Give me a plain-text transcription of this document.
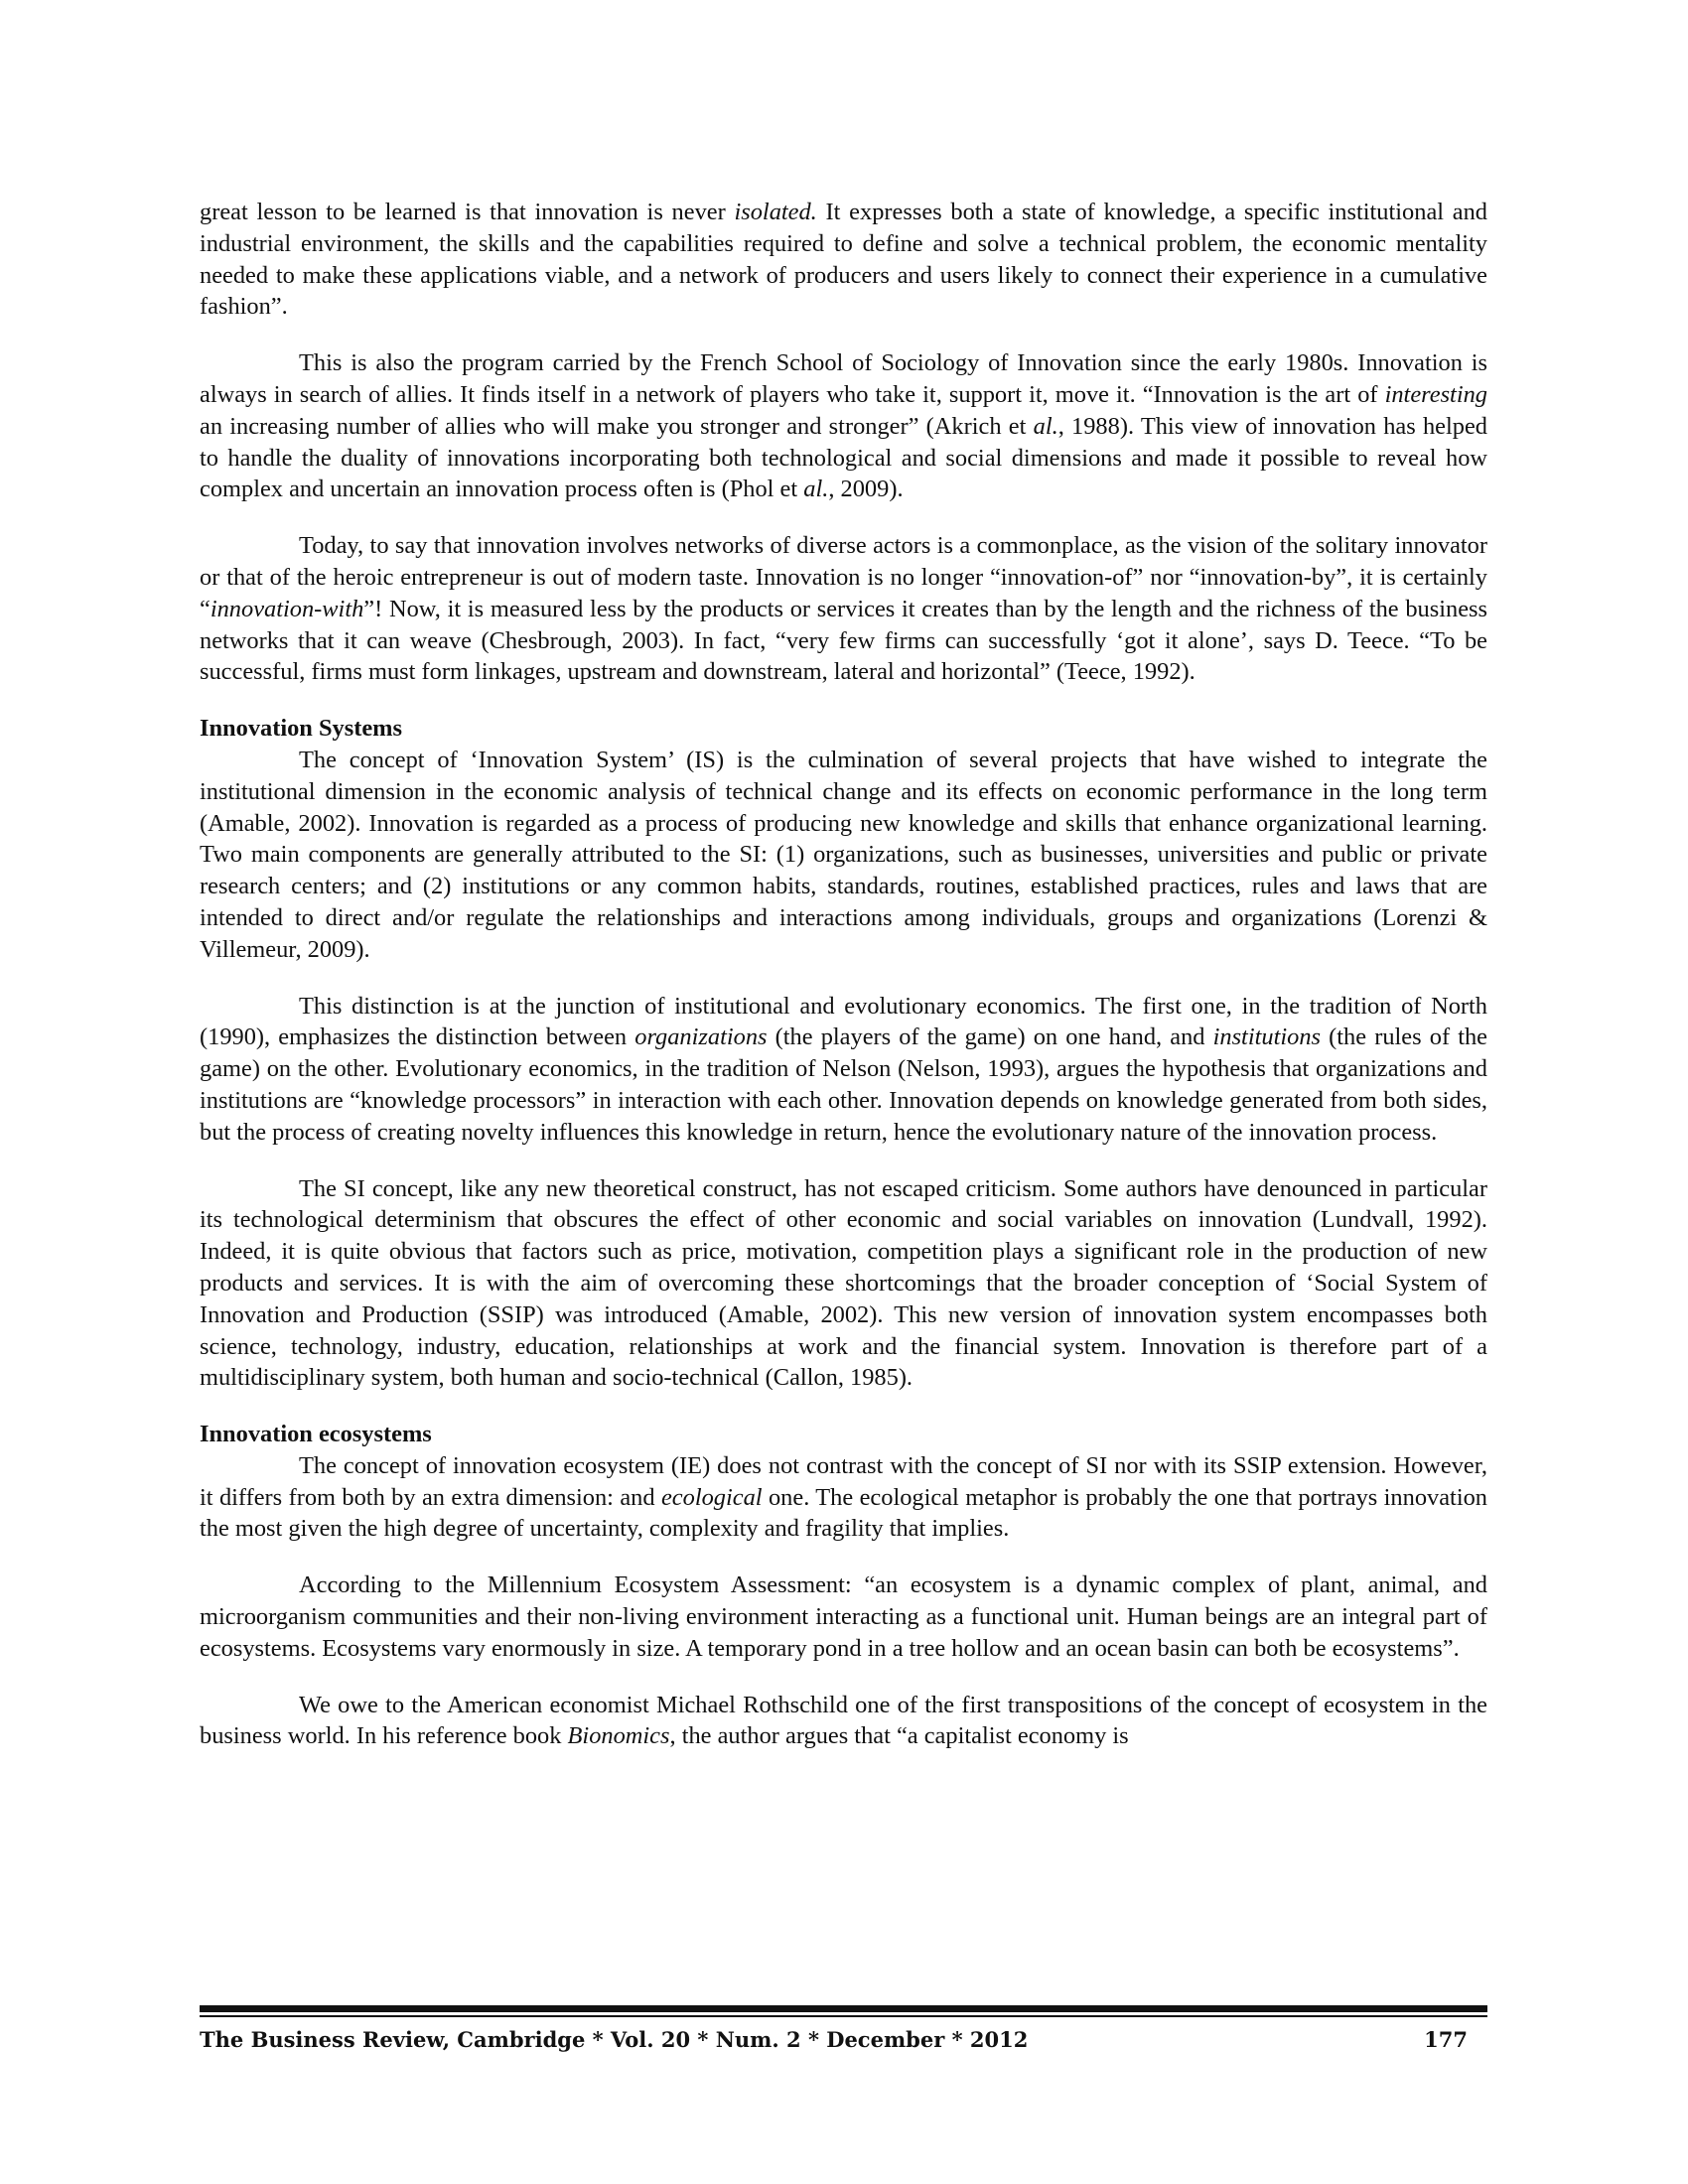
great lesson to be learned is that innovation is never isolated. It expresses both a state of knowledge, a specific institutional and industrial environment, the skills and the capabilities required to define and solve a technical problem, the economic mentality needed to make these applications viable, and a network of producers and users likely to connect their experience in a cumulative fashion”.

This is also the program carried by the French School of Sociology of Innovation since the early 1980s. Innovation is always in search of allies. It finds itself in a network of players who take it, support it, move it. “Innovation is the art of interesting an increasing number of allies who will make you stronger and stronger” (Akrich et al., 1988). This view of innovation has helped to handle the duality of innovations incorporating both technological and social dimensions and made it possible to reveal how complex and uncertain an innovation process often is (Phol et al., 2009).

Today, to say that innovation involves networks of diverse actors is a commonplace, as the vision of the solitary innovator or that of the heroic entrepreneur is out of modern taste. Innovation is no longer “innovation-of” nor “innovation-by”, it is certainly “innovation-with”! Now, it is measured less by the products or services it creates than by the length and the richness of the business networks that it can weave (Chesbrough, 2003). In fact, “very few firms can successfully ‘got it alone’, says D. Teece. “To be successful, firms must form linkages, upstream and downstream, lateral and horizontal” (Teece, 1992).

Innovation Systems

The concept of ‘Innovation System’ (IS) is the culmination of several projects that have wished to integrate the institutional dimension in the economic analysis of technical change and its effects on economic performance in the long term (Amable, 2002). Innovation is regarded as a process of producing new knowledge and skills that enhance organizational learning. Two main components are generally attributed to the SI: (1) organizations, such as businesses, universities and public or private research centers; and (2) institutions or any common habits, standards, routines, established practices, rules and laws that are intended to direct and/or regulate the relationships and interactions among individuals, groups and organizations (Lorenzi & Villemeur, 2009).

This distinction is at the junction of institutional and evolutionary economics. The first one, in the tradition of North (1990), emphasizes the distinction between organizations (the players of the game) on one hand, and institutions (the rules of the game) on the other. Evolutionary economics, in the tradition of Nelson (Nelson, 1993), argues the hypothesis that organizations and institutions are “knowledge processors” in interaction with each other. Innovation depends on knowledge generated from both sides, but the process of creating novelty influences this knowledge in return, hence the evolutionary nature of the innovation process.

The SI concept, like any new theoretical construct, has not escaped criticism. Some authors have denounced in particular its technological determinism that obscures the effect of other economic and social variables on innovation (Lundvall, 1992). Indeed, it is quite obvious that factors such as price, motivation, competition plays a significant role in the production of new products and services. It is with the aim of overcoming these shortcomings that the broader conception of ‘Social System of Innovation and Production (SSIP) was introduced (Amable, 2002). This new version of innovation system encompasses both science, technology, industry, education, relationships at work and the financial system. Innovation is therefore part of a multidisciplinary system, both human and socio-technical (Callon, 1985).

Innovation ecosystems

The concept of innovation ecosystem (IE) does not contrast with the concept of SI nor with its SSIP extension. However, it differs from both by an extra dimension: and ecological one. The ecological metaphor is probably the one that portrays innovation the most given the high degree of uncertainty, complexity and fragility that implies.

According to the Millennium Ecosystem Assessment: “an ecosystem is a dynamic complex of plant, animal, and microorganism communities and their non-living environment interacting as a functional unit. Human beings are an integral part of ecosystems. Ecosystems vary enormously in size. A temporary pond in a tree hollow and an ocean basin can both be ecosystems”.

We owe to the American economist Michael Rothschild one of the first transpositions of the concept of ecosystem in the business world. In his reference book Bionomics, the author argues that “a capitalist economy is

The Business Review, Cambridge * Vol. 20 * Num. 2 * December * 2012	177
